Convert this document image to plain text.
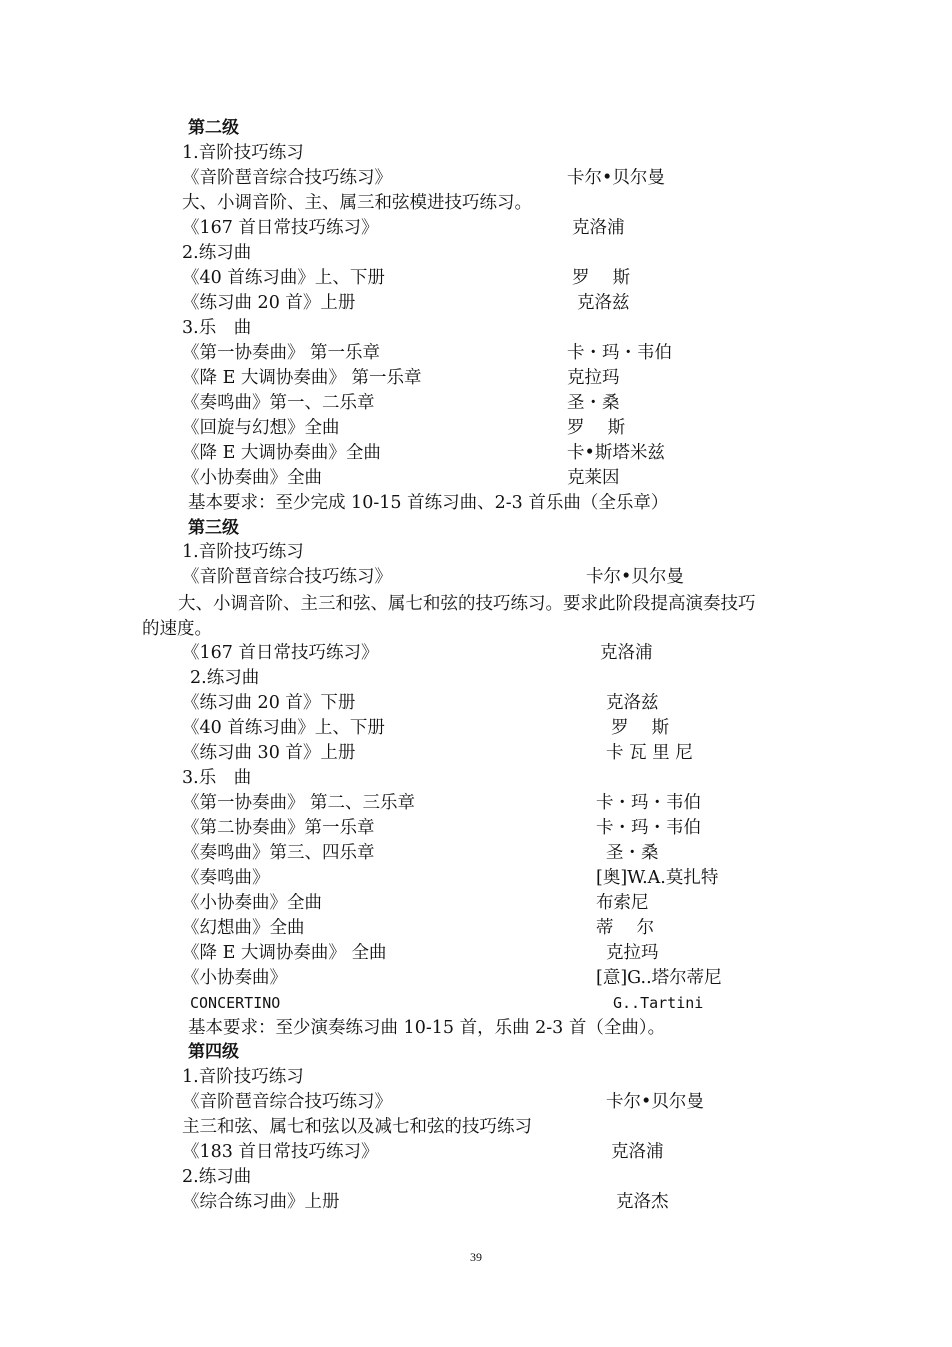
第二级
1.音阶技巧练习
《音阶琶音综合技巧练习》	卡尔•贝尔曼
大、小调音阶、主、属三和弦模进技巧练习。
《167 首日常技巧练习》	克洛浦
2.练习曲
《40 首练习曲》上、下册	罗　 斯
《练习曲 20 首》上册	克洛兹
3.乐　曲
《第一协奏曲》 第一乐章	卡・玛・韦伯
《降 E 大调协奏曲》 第一乐章	克拉玛
《奏鸣曲》第一、二乐章	圣・桑
《回旋与幻想》全曲	罗　 斯
《降 E 大调协奏曲》全曲	卡•斯塔米兹
《小协奏曲》全曲	克莱因
基本要求：至少完成 10-15 首练习曲、2-3 首乐曲（全乐章）
第三级
1.音阶技巧练习
《音阶琶音综合技巧练习》	卡尔•贝尔曼
大、小调音阶、主三和弦、属七和弦的技巧练习。要求此阶段提高演奏技巧
的速度。
《167 首日常技巧练习》	克洛浦
2.练习曲
《练习曲 20 首》下册	克洛兹
《40 首练习曲》上、下册	罗　 斯
《练习曲 30 首》上册	卡 瓦 里 尼
3.乐　曲
《第一协奏曲》 第二、三乐章	卡・玛・韦伯
《第二协奏曲》第一乐章	卡・玛・韦伯
《奏鸣曲》第三、四乐章	圣・桑
《奏鸣曲》	[奥]W.A.莫扎特
《小协奏曲》全曲	布索尼
《幻想曲》全曲	蒂　 尔
《降 E 大调协奏曲》 全曲	克拉玛
《小协奏曲》	[意]G..塔尔蒂尼
CONCERTINO	G..Tartini
基本要求：至少演奏练习曲 10-15 首，乐曲 2-3 首（全曲）。
第四级
1.音阶技巧练习
《音阶琶音综合技巧练习》	卡尔•贝尔曼
主三和弦、属七和弦以及减七和弦的技巧练习
《183 首日常技巧练习》	克洛浦
2.练习曲
《综合练习曲》上册	克洛杰
39
